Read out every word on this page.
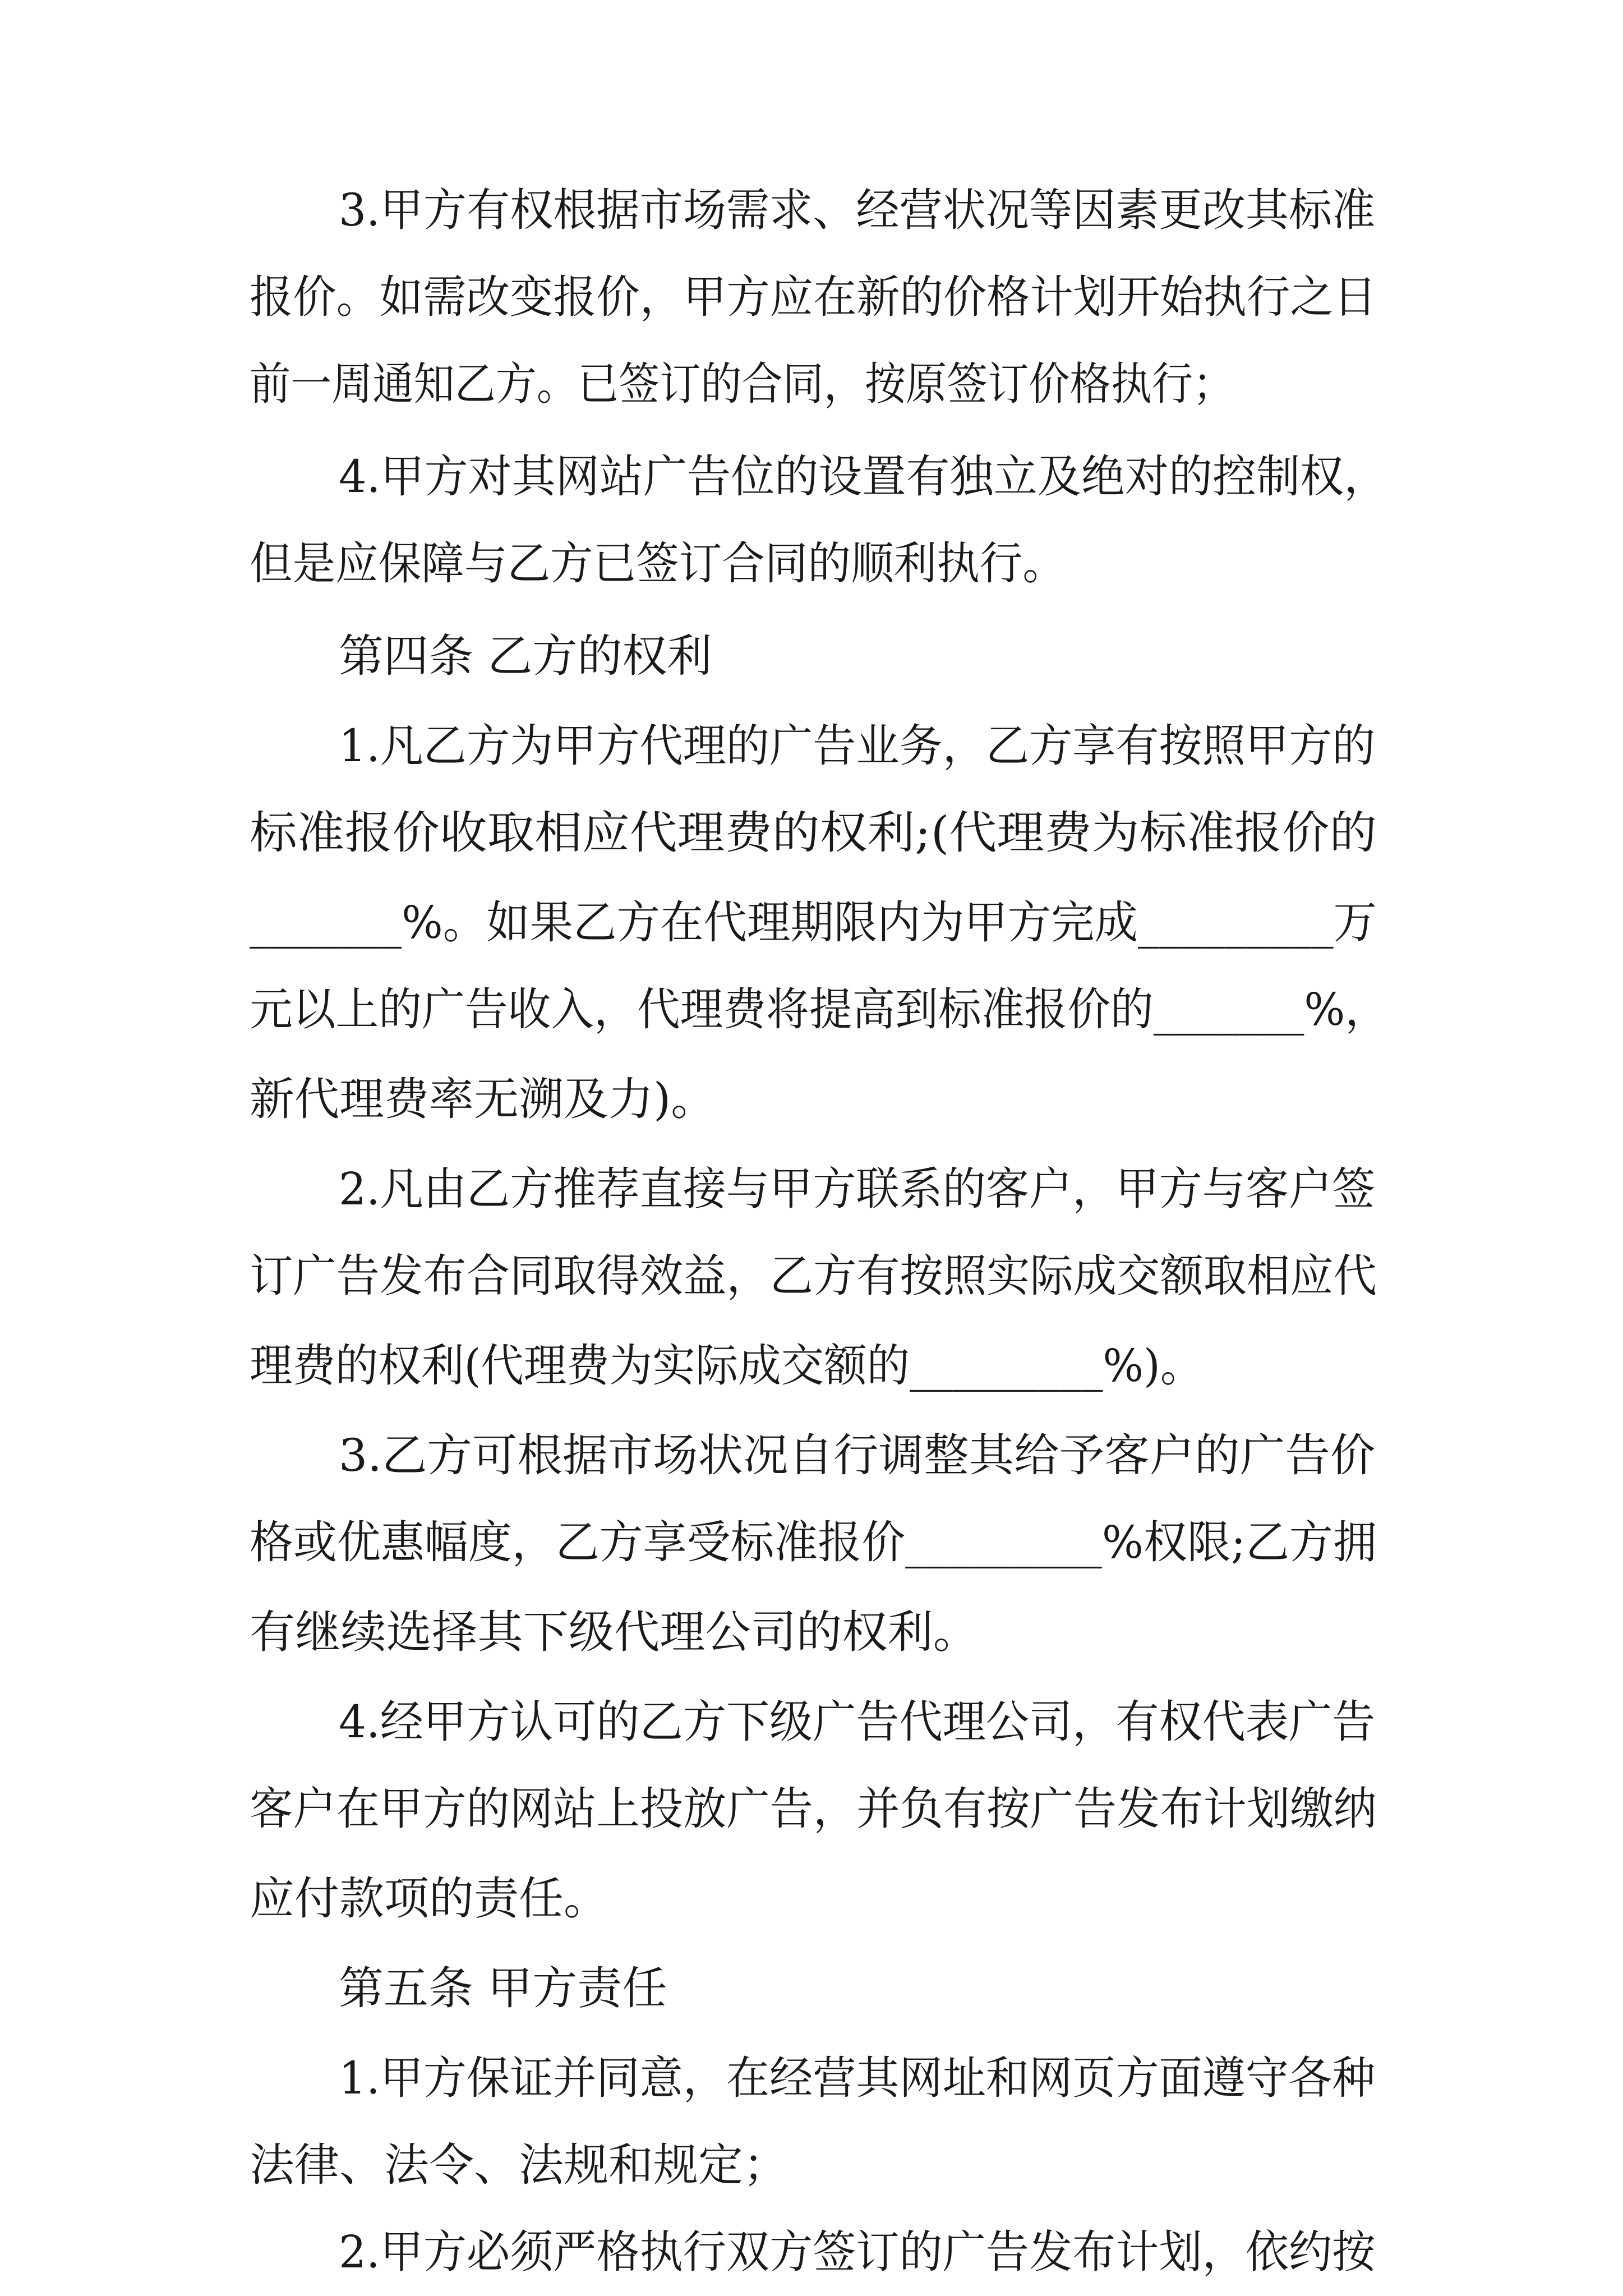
3.甲方有权根据市场需求、经营状况等因素更改其标准
报价。如需改变报价，甲方应在新的价格计划开始执行之日
前一周通知乙方。已签订的合同，按原签订价格执行；
4.甲方对其网站广告位的设置有独立及绝对的控制权，
但是应保障与乙方已签订合同的顺利执行。
第四条 乙方的权利
1.凡乙方为甲方代理的广告业务，乙方享有按照甲方的
标准报价收取相应代理费的权利;(代理费为标准报价的
_______%。如果乙方在代理期限内为甲方完成_________万
元以上的广告收入，代理费将提高到标准报价的_______%，
新代理费率无溯及力)。
2.凡由乙方推荐直接与甲方联系的客户，甲方与客户签
订广告发布合同取得效益，乙方有按照实际成交额取相应代
理费的权利(代理费为实际成交额的_________%)。
3.乙方可根据市场状况自行调整其给予客户的广告价
格或优惠幅度，乙方享受标准报价_________%权限;乙方拥
有继续选择其下级代理公司的权利。
4.经甲方认可的乙方下级广告代理公司，有权代表广告
客户在甲方的网站上投放广告，并负有按广告发布计划缴纳
应付款项的责任。
第五条 甲方责任
1.甲方保证并同意，在经营其网址和网页方面遵守各种
法律、法令、法规和规定；
2.甲方必须严格执行双方签订的广告发布计划，依约按
